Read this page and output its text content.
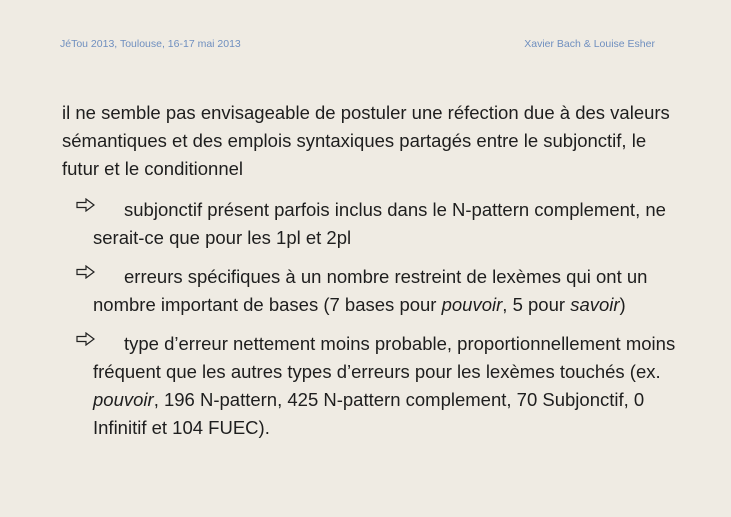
JéTou 2013, Toulouse, 16-17 mai 2013	Xavier Bach & Louise Esher
il ne semble pas envisageable de postuler une réfection due à des valeurs sémantiques et des emplois syntaxiques partagés entre le subjonctif, le futur et le conditionnel
subjonctif présent parfois inclus dans le N-pattern complement, ne serait-ce que pour les 1pl et 2pl
erreurs spécifiques à un nombre restreint de lexèmes qui ont un nombre important de bases (7 bases pour pouvoir, 5 pour savoir)
type d’erreur nettement moins probable, proportionnellement moins fréquent que les autres types d’erreurs pour les lexèmes touchés (ex. pouvoir, 196 N-pattern, 425 N-pattern complement, 70 Subjonctif, 0 Infinitif et 104 FUEC).
